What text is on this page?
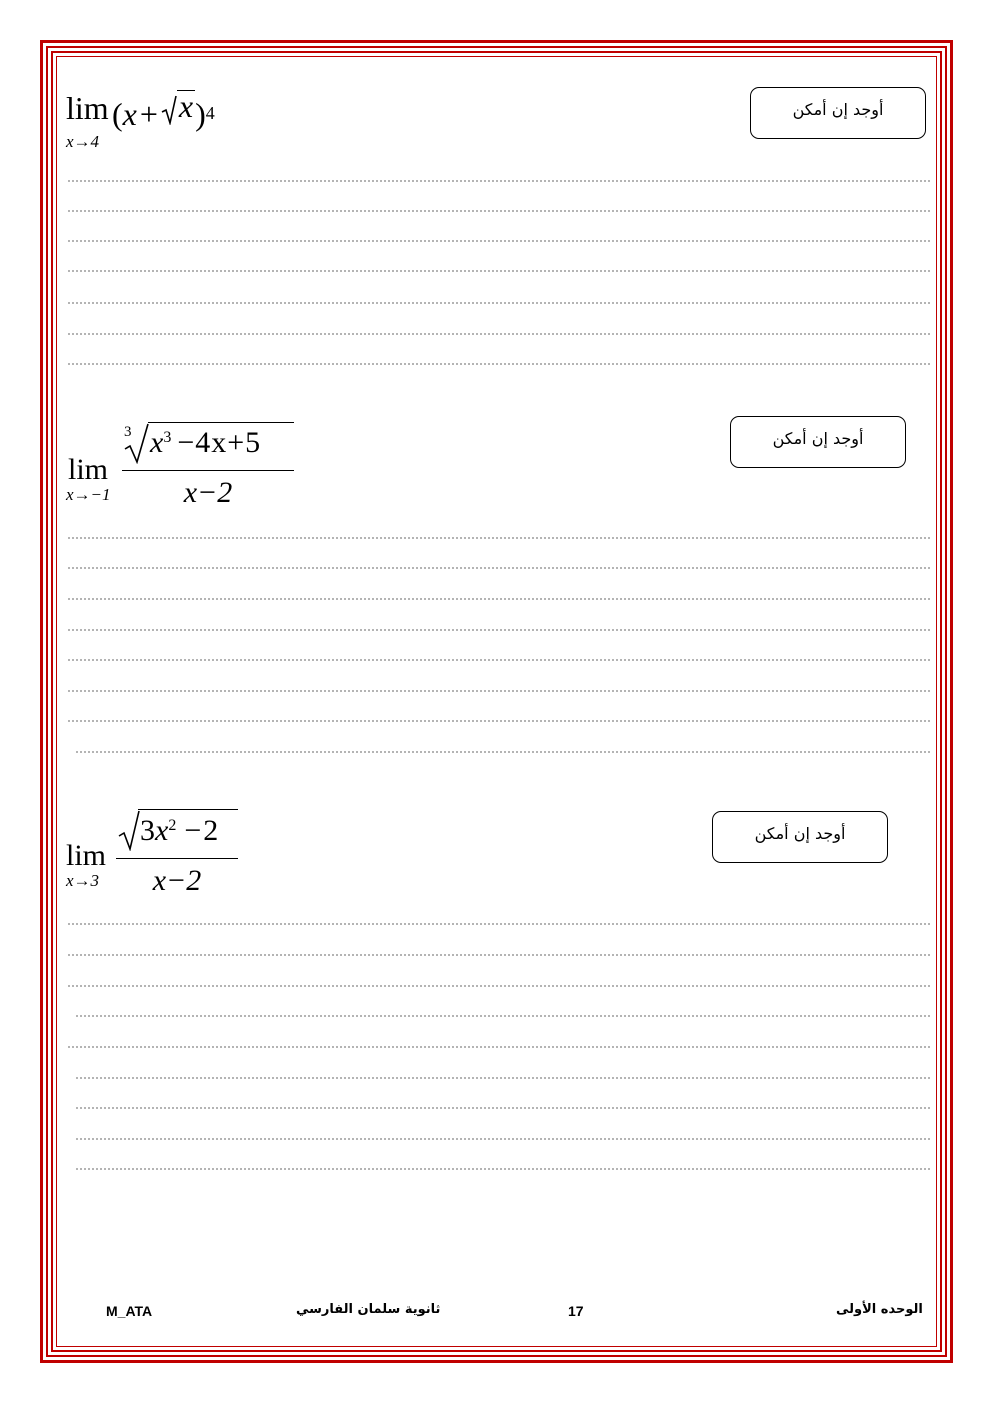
أوجد إن أمكن
lim
x→4
( x + x )$^4$
أوجد إن أمكن
lim
x→−1
3 $x^3 -4x+5$
x−2
أوجد إن أمكن
lim
x→3
3 $x^2 -2$
x−2
M_ATA	ثانوية سلمان الفارسي	17	الوحده الأولى
